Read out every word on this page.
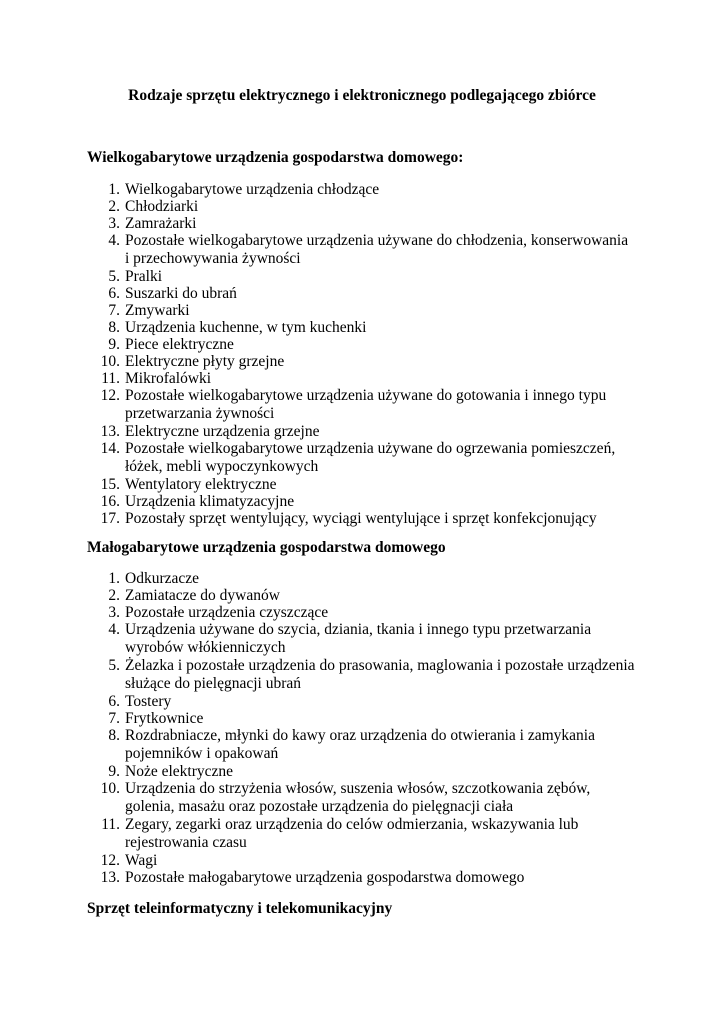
Rodzaje sprzętu elektrycznego i elektronicznego podlegającego zbiórce
Wielkogabarytowe urządzenia gospodarstwa domowego:
1. Wielkogabarytowe urządzenia chłodzące
2. Chłodziarki
3. Zamrażarki
4. Pozostałe wielkogabarytowe urządzenia używane do chłodzenia, konserwowania i przechowywania żywności
5. Pralki
6. Suszarki do ubrań
7. Zmywarki
8. Urządzenia kuchenne, w tym kuchenki
9. Piece elektryczne
10. Elektryczne płyty grzejne
11. Mikrofalówki
12. Pozostałe wielkogabarytowe urządzenia używane do gotowania i innego typu przetwarzania żywności
13. Elektryczne urządzenia grzejne
14. Pozostałe wielkogabarytowe urządzenia używane do ogrzewania pomieszczeń, łóżek, mebli wypoczynkowych
15. Wentylatory elektryczne
16. Urządzenia klimatyzacyjne
17. Pozostały sprzęt wentylujący, wyciągi wentylujące i sprzęt konfekcjonujący
Małogabarytowe urządzenia gospodarstwa domowego
1. Odkurzacze
2. Zamiatacze do dywanów
3. Pozostałe urządzenia czyszczące
4. Urządzenia używane do szycia, dziania, tkania i innego typu przetwarzania wyrobów włókienniczych
5. Żelazka i pozostałe urządzenia do prasowania, maglowania i pozostałe urządzenia służące do pielęgnacji ubrań
6. Tostery
7. Frytkownice
8. Rozdrabniacze, młynki do kawy oraz urządzenia do otwierania i zamykania pojemników i opakowań
9. Noże elektryczne
10. Urządzenia do strzyżenia włosów, suszenia włosów, szczotkowania zębów, golenia, masażu oraz pozostałe urządzenia do pielęgnacji ciała
11. Zegary, zegarki oraz urządzenia do celów odmierzania, wskazywania lub rejestrowania czasu
12. Wagi
13. Pozostałe małogabarytowe urządzenia gospodarstwa domowego
Sprzęt teleinformatyczny i telekomunikacyjny
